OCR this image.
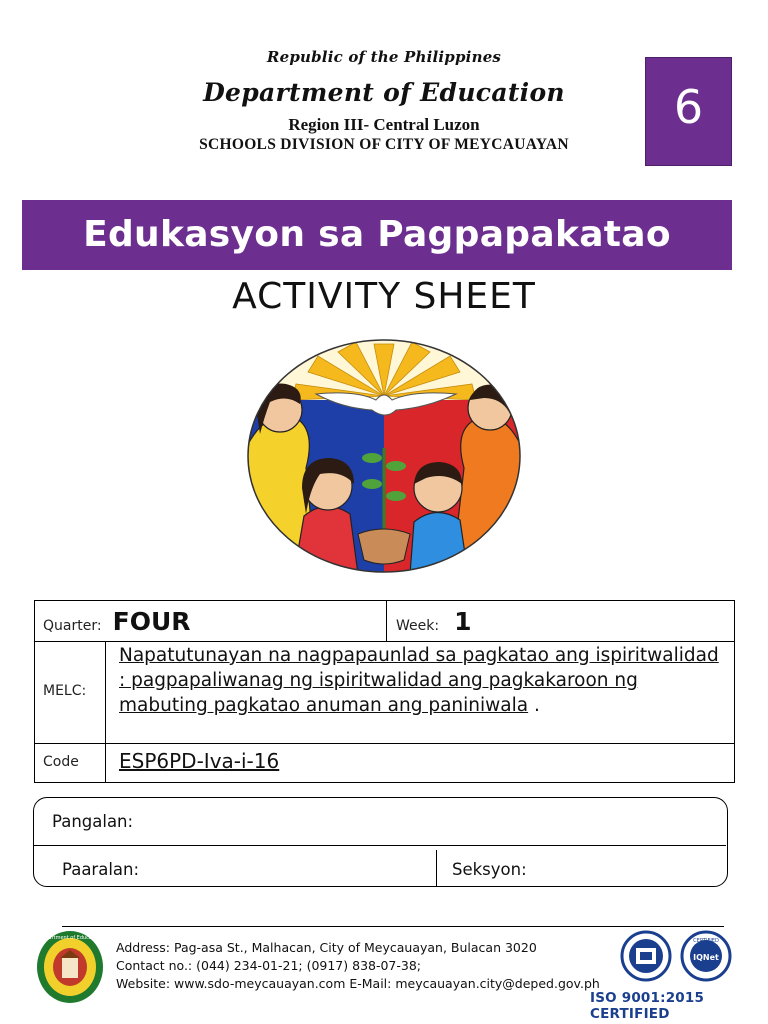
Republic of the Philippines
Department of Education
Region III- Central Luzon
SCHOOLS DIVISION OF CITY OF MEYCAUAYAN
6
Edukasyon sa Pagpapakatao
ACTIVITY SHEET
Quarter: FOUR	Week: 1
MELC:
Napatutunayan na nagpapaunlad sa pagkatao ang ispiritwalidad : pagpapaliwanag ng ispiritwalidad ang pagkakaroon ng mabuting pagkatao anuman ang paniniwala .
Code ESP6PD-Iva-i-16
Pangalan:
Paaralan:	Seksyon:
Department of Education
Address: Pag-asa St., Malhacan, City of Meycauayan, Bulacan 3020
Contact no.: (044) 234-01-21; (0917) 838-07-38;
Website: www.sdo-meycauayan.com E-Mail: meycauayan.city@deped.gov.ph
CERTIFIED
IQNet
ISO 9001:2015 CERTIFIED
